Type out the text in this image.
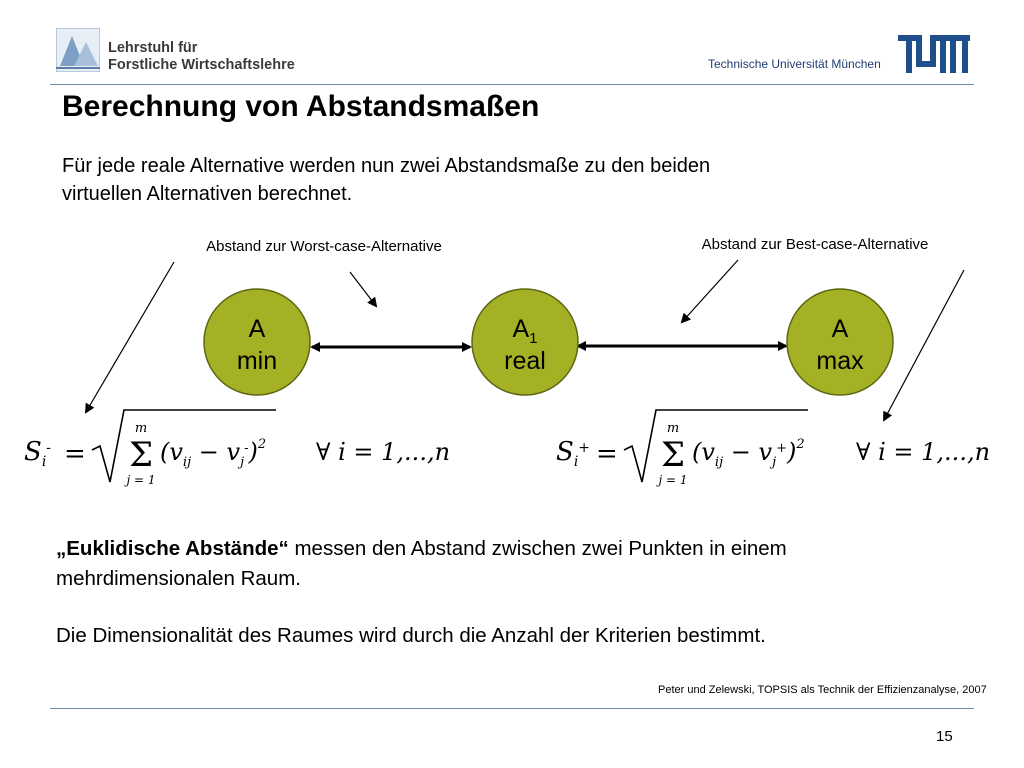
Lehrstuhl für
Forstliche Wirtschaftslehre	Technische Universität München
Berechnung von Abstandsmaßen
Für jede reale Alternative werden nun zwei Abstandsmaße zu den beiden
virtuellen Alternativen berechnet.
Abstand zur Worst-case-Alternative	Abstand zur Best-case-Alternative
A
min
$A_1$
real
A
max
$S_i^-$ =
m
Σ
j = 1
$(v_{ij} - v_j^-)^2$ ∀ i = 1,...,n	$S_i^+$ =
m
Σ
j = 1
$(v_{ij} - v_j^+)^2$ ∀ i = 1,...,n
„Euklidische Abstände“ messen den Abstand zwischen zwei Punkten in einem
mehrdimensionalen Raum.
Die Dimensionalität des Raumes wird durch die Anzahl der Kriterien bestimmt.
Peter und Zelewski, TOPSIS als Technik der Effizienzanalyse, 2007
15
